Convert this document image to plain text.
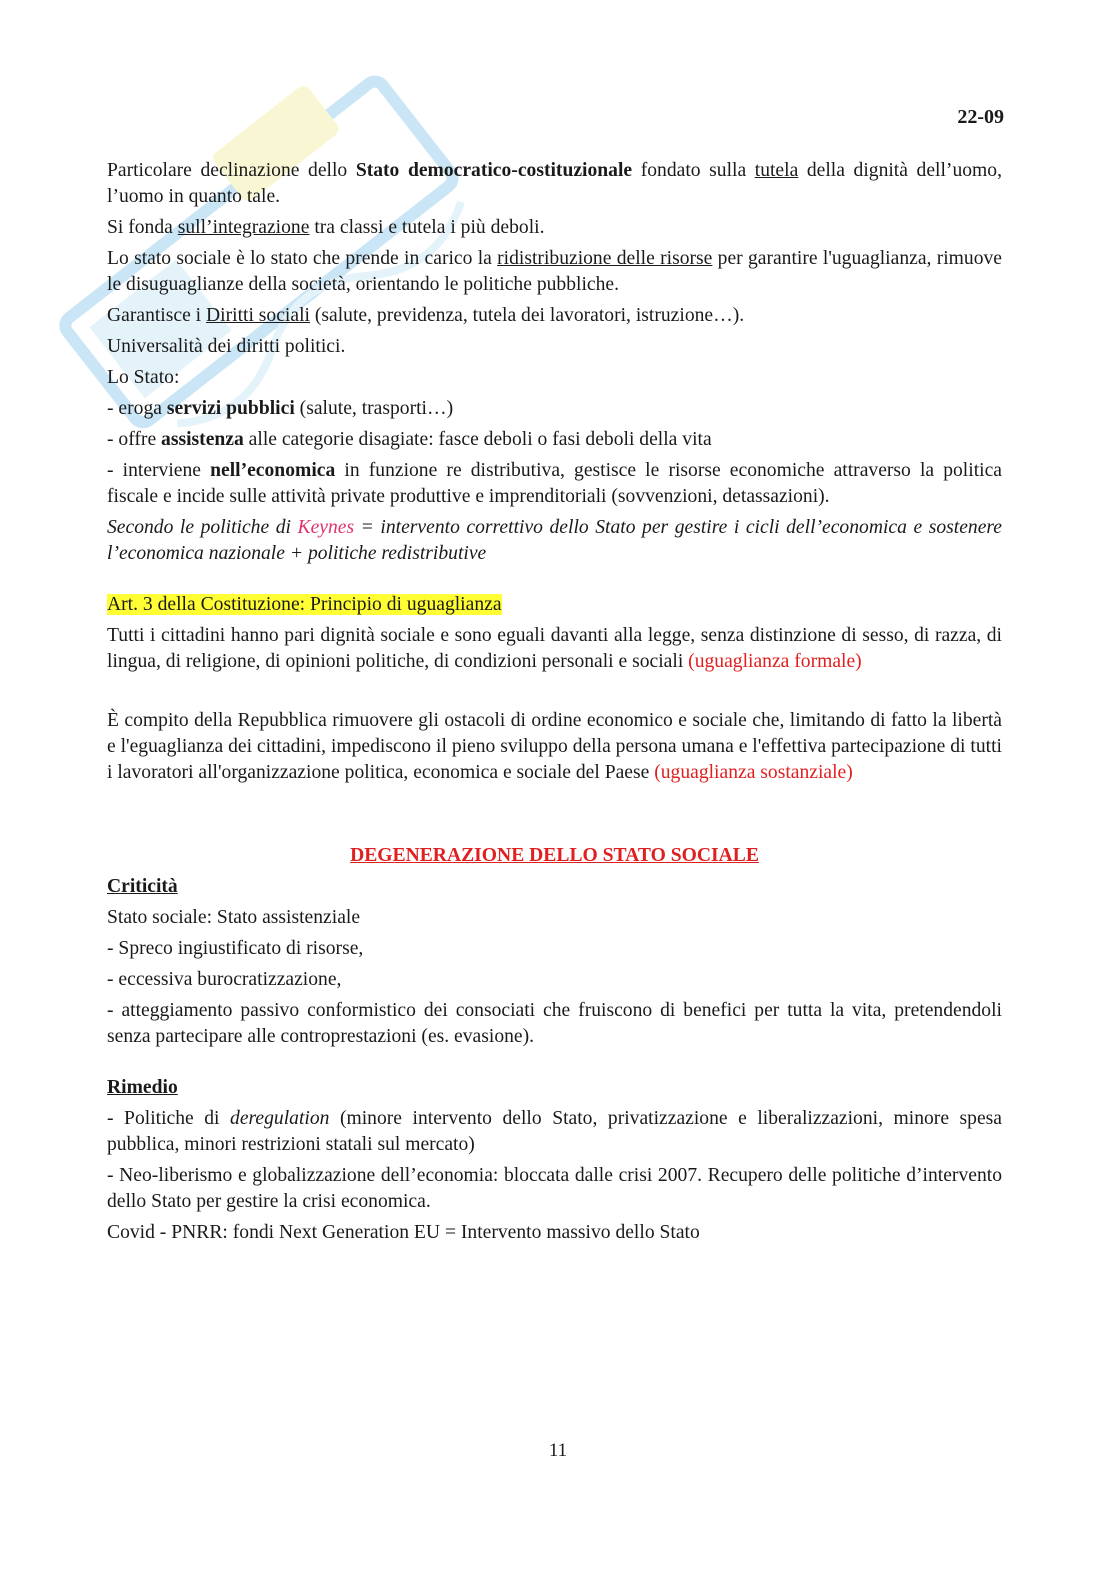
22-09

Particolare declinazione dello Stato democratico-costituzionale fondato sulla tutela della dignità dell’uomo, l’uomo in quanto tale.

Si fonda sull’integrazione tra classi e tutela i più deboli.

Lo stato sociale è lo stato che prende in carico la ridistribuzione delle risorse per garantire l'uguaglianza, rimuove le disuguaglianze della società, orientando le politiche pubbliche.

Garantisce i Diritti sociali (salute, previdenza, tutela dei lavoratori, istruzione…).

Universalità dei diritti politici.

Lo Stato:

- eroga servizi pubblici (salute, trasporti…)

- offre assistenza alle categorie disagiate: fasce deboli o fasi deboli della vita

- interviene nell’economica in funzione re distributiva, gestisce le risorse economiche attraverso la politica fiscale e incide sulle attività private produttive e imprenditoriali (sovvenzioni, detassazioni).

Secondo le politiche di Keynes = intervento correttivo dello Stato per gestire i cicli dell’economica e sostenere l’economica nazionale + politiche redistributive

Art. 3 della Costituzione: Principio di uguaglianza

Tutti i cittadini hanno pari dignità sociale e sono eguali davanti alla legge, senza distinzione di sesso, di razza, di lingua, di religione, di opinioni politiche, di condizioni personali e sociali (uguaglianza formale)

È compito della Repubblica rimuovere gli ostacoli di ordine economico e sociale che, limitando di fatto la libertà e l'eguaglianza dei cittadini, impediscono il pieno sviluppo della persona umana e l'effettiva partecipazione di tutti i lavoratori all'organizzazione politica, economica e sociale del Paese (uguaglianza sostanziale)

DEGENERAZIONE DELLO STATO SOCIALE

Criticità

Stato sociale: Stato assistenziale

- Spreco ingiustificato di risorse,

- eccessiva burocratizzazione,

- atteggiamento passivo conformistico dei consociati che fruiscono di benefici per tutta la vita, pretendendoli senza partecipare alle controprestazioni (es. evasione).

Rimedio

- Politiche di deregulation (minore intervento dello Stato, privatizzazione e liberalizzazioni, minore spesa pubblica, minori restrizioni statali sul mercato)

- Neo-liberismo e globalizzazione dell’economia: bloccata dalle crisi 2007. Recupero delle politiche d’intervento dello Stato per gestire la crisi economica.

Covid - PNRR: fondi Next Generation EU = Intervento massivo dello Stato

11
